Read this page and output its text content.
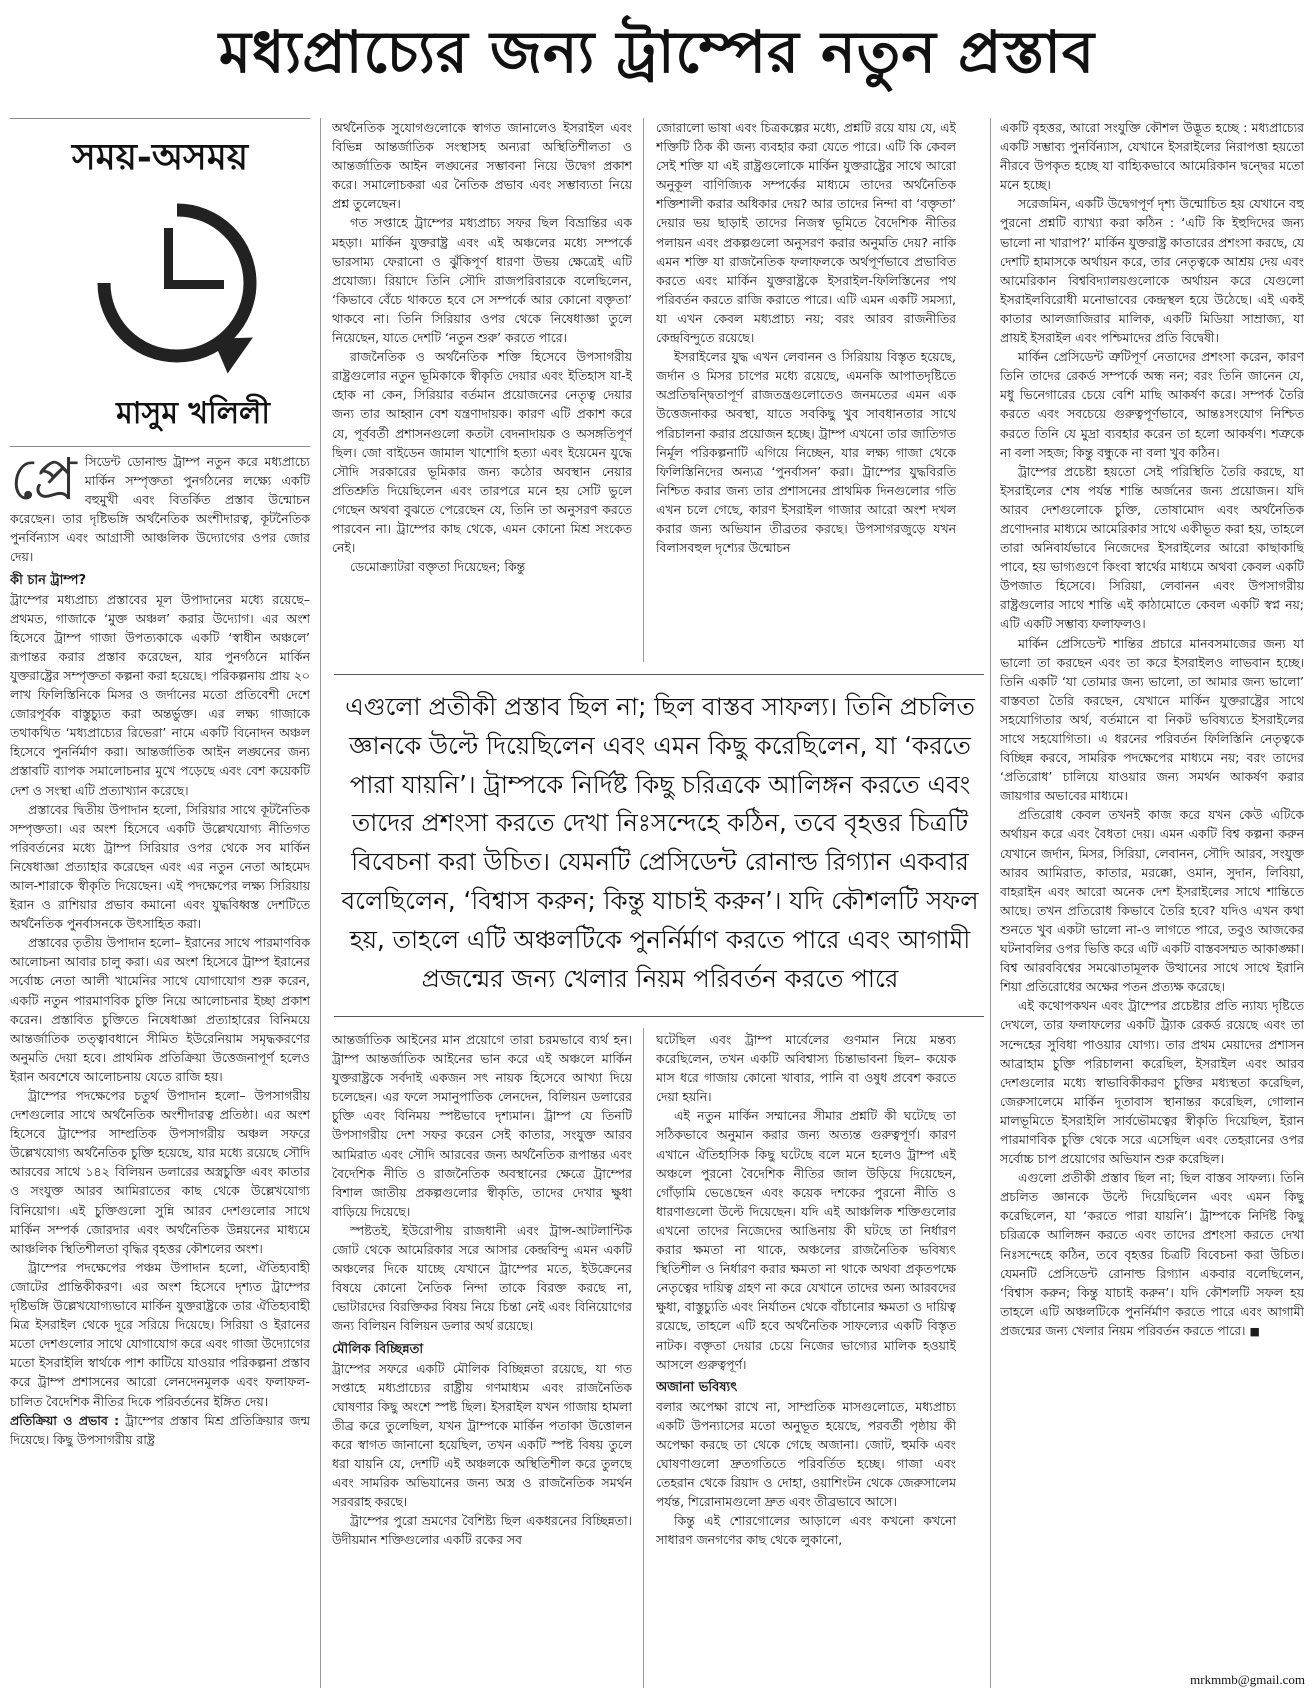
মধ্যপ্রাচ্যের জন্য ট্রাম্পের নতুন প্রস্তাব
সময়-অসময়
মাসুম খলিলী

প্রে সিডেন্ট ডোনাল্ড ট্রাম্প নতুন করে মধ্যপ্রাচ্যে মার্কিন সম্পৃক্ততা পুনর্গঠনের লক্ষ্যে একটি বহুমুখী এবং বিতর্কিত প্রস্তাব উন্মোচন করেছেন। তার দৃষ্টিভঙ্গি অর্থনৈতিক অংশীদারত্ব, কূটনৈতিক পুনর্বিন্যাস এবং আগ্রাসী আঞ্চলিক উদ্যোগের ওপর জোর দেয়।

কী চান ট্রাম্প?

ট্রাম্পের মধ্যপ্রাচ্য প্রস্তাবের মূল উপাদানের মধ্যে রয়েছে– প্রথমত, গাজাকে ‘মুক্ত অঞ্চল’ করার উদ্যোগ। এর অংশ হিসেবে ট্রাম্প গাজা উপত্যকাকে একটি ‘স্বাধীন অঞ্চলে’ রূপান্তর করার প্রস্তাব করেছেন, যার পুনর্গঠনে মার্কিন যুক্তরাষ্ট্রের সম্পৃক্ততা কল্পনা করা হয়েছে। পরিকল্পনায় প্রায় ২০ লাখ ফিলিস্তিনিকে মিসর ও জর্দানের মতো প্রতিবেশী দেশে জোরপূর্বক বাস্তুচ্যুত করা অন্তর্ভুক্ত। এর লক্ষ্য গাজাকে তথাকথিত ‘মধ্যপ্রাচ্যের রিভেরা’ নামে একটি বিনোদন অঞ্চল হিসেবে পুনর্নির্মাণ করা। আন্তর্জাতিক আইন লঙ্ঘনের জন্য প্রস্তাবটি ব্যাপক সমালোচনার মুখে পড়েছে এবং বেশ কয়েকটি দেশ ও সংস্থা এটি প্রত্যাখ্যান করেছে।

প্রস্তাবের দ্বিতীয় উপাদান হলো, সিরিয়ার সাথে কূটনৈতিক সম্পৃক্ততা। এর অংশ হিসেবে একটি উল্লেখযোগ্য নীতিগত পরিবর্তনের মধ্যে ট্রাম্প সিরিয়ার ওপর থেকে সব মার্কিন নিষেধাজ্ঞা প্রত্যাহার করেছেন এবং এর নতুন নেতা আহমেদ আল-শারাকে স্বীকৃতি দিয়েছেন। এই পদক্ষেপের লক্ষ্য সিরিয়ায় ইরান ও রাশিয়ার প্রভাব কমানো এবং যুদ্ধবিধ্বস্ত দেশটিতে অর্থনৈতিক পুনর্বাসনকে উৎসাহিত করা।

প্রস্তাবের তৃতীয় উপাদান হলো– ইরানের সাথে পারমাণবিক আলোচনা আবার চালু করা। এর অংশ হিসেবে ট্রাম্প ইরানের সর্বোচ্চ নেতা আলী খামেনির সাথে যোগাযোগ শুরু করেন, একটি নতুন পারমাণবিক চুক্তি নিয়ে আলোচনার ইচ্ছা প্রকাশ করেন। প্রস্তাবিত চুক্তিতে নিষেধাজ্ঞা প্রত্যাহারের বিনিময়ে আন্তর্জাতিক তত্ত্বাবধানে সীমিত ইউরেনিয়াম সমৃদ্ধকরণের অনুমতি দেয়া হবে। প্রাথমিক প্রতিক্রিয়া উত্তেজনাপূর্ণ হলেও ইরান অবশেষে আলোচনায় যেতে রাজি হয়।

ট্রাম্পের পদক্ষেপের চতুর্থ উপাদান হলো– উপসাগরীয় দেশগুলোর সাথে অর্থনৈতিক অংশীদারত্ব প্রতিষ্ঠা। এর অংশ হিসেবে ট্রাম্পের সাম্প্রতিক উপসাগরীয় অঞ্চল সফরে উল্লেখযোগ্য অর্থনৈতিক চুক্তি হয়েছে, যার মধ্যে রয়েছে সৌদি আরবের সাথে ১৪২ বিলিয়ন ডলারের অস্ত্রচুক্তি এবং কাতার ও সংযুক্ত আরব আমিরাতের কাছ থেকে উল্লেখযোগ্য বিনিয়োগ। এই চুক্তিগুলো সুন্নি আরব দেশগুলোর সাথে মার্কিন সম্পর্ক জোরদার এবং অর্থনৈতিক উন্নয়নের মাধ্যমে আঞ্চলিক স্থিতিশীলতা বৃদ্ধির বৃহত্তর কৌশলের অংশ।

ট্রাম্পের পদক্ষেপের পঞ্চম উপাদান হলো, ঐতিহ্যবাহী জোটের প্রান্তিকীকরণ। এর অংশ হিসেবে দৃশ্যত ট্রাম্পের দৃষ্টিভঙ্গি উল্লেখযোগ্যভাবে মার্কিন যুক্তরাষ্ট্রকে তার ঐতিহ্যবাহী মিত্র ইসরাইল থেকে দূরে সরিয়ে দিয়েছে। সিরিয়া ও ইরানের মতো দেশগুলোর সাথে যোগাযোগ করে এবং গাজা উদ্যোগের মতো ইসরাইলি স্বার্থকে পাশ কাটিয়ে যাওয়ার পরিকল্পনা প্রস্তাব করে ট্রাম্প প্রশাসনের আরো লেনদেনমূলক এবং ফলাফল-চালিত বৈদেশিক নীতির দিকে পরিবর্তনের ইঙ্গিত দেয়।

প্রতিক্রিয়া ও প্রভাব : ট্রাম্পের প্রস্তাব মিশ্র প্রতিক্রিয়ার জন্ম দিয়েছে। কিছু উপসাগরীয় রাষ্ট্র

অর্থনৈতিক সুযোগগুলোকে স্বাগত জানালেও ইসরাইল এবং বিভিন্ন আন্তর্জাতিক সংস্থাসহ অন্যরা অস্থিতিশীলতা ও আন্তর্জাতিক আইন লঙ্ঘনের সম্ভাবনা নিয়ে উদ্বেগ প্রকাশ করে। সমালোচকরা এর নৈতিক প্রভাব এবং সম্ভাব্যতা নিয়ে প্রশ্ন তুলেছেন।

গত সপ্তাহে ট্রাম্পের মধ্যপ্রাচ্য সফর ছিল বিভ্রান্তির এক মহড়া। মার্কিন যুক্তরাষ্ট্র এবং এই অঞ্চলের মধ্যে সম্পর্কে ভারসাম্য ফেরানো ও ঝুঁকিপূর্ণ ধারণা উভয় ক্ষেত্রেই এটি প্রযোজ্য। রিয়াদে তিনি সৌদি রাজপরিবারকে বলেছিলেন, ‘কিভাবে বেঁচে থাকতে হবে সে সম্পর্কে আর কোনো বক্তৃতা’ থাকবে না। তিনি সিরিয়ার ওপর থেকে নিষেধাজ্ঞা তুলে নিয়েছেন, যাতে দেশটি ‘নতুন শুরু’ করতে পারে।

রাজনৈতিক ও অর্থনৈতিক শক্তি হিসেবে উপসাগরীয় রাষ্ট্রগুলোর নতুন ভূমিকাকে স্বীকৃতি দেয়ার এবং ইতিহাস যা-ই হোক না কেন, সিরিয়ার বর্তমান প্রয়োজনের নেতৃত্ব দেয়ার জন্য তার আহ্বান বেশ যন্ত্রণাদায়ক। কারণ এটি প্রকাশ করে যে, পূর্ববর্তী প্রশাসনগুলো কতটা বেদনাদায়ক ও অসঙ্গতিপূর্ণ ছিল। জো বাইডেন জামাল খাশোগি হত্যা এবং ইয়েমেন যুদ্ধে সৌদি সরকারের ভূমিকার জন্য কঠোর অবস্থান নেয়ার প্রতিশ্রুতি দিয়েছিলেন এবং তারপরে মনে হয় সেটি ভুলে গেছেন অথবা বুঝতে পেরেছেন যে, তিনি তা অনুসরণ করতে পারবেন না। ট্রাম্পের কাছ থেকে, এমন কোনো মিশ্র সংকেত নেই।

ডেমোক্র্যাটরা বক্তৃতা দিয়েছেন; কিন্তু

জোরালো ভাষা এবং চিত্রকল্পের মধ্যে, প্রশ্নটি রয়ে যায় যে, এই শক্তিটি ঠিক কী জন্য ব্যবহার করা যেতে পারে। এটি কি কেবল সেই শক্তি যা এই রাষ্ট্রগুলোকে মার্কিন যুক্তরাষ্ট্রের সাথে আরো অনুকূল বাণিজ্যিক সম্পর্কের মাধ্যমে তাদের অর্থনৈতিক শক্তিশালী করার অধিকার দেয়? আর তাদের নিন্দা বা ‘বক্তৃতা’ দেয়ার ভয় ছাড়াই তাদের নিজস্ব ভূমিতে বৈদেশিক নীতির পলায়ন এবং প্রকল্পগুলো অনুসরণ করার অনুমতি দেয়? নাকি এমন শক্তি যা রাজনৈতিক ফলাফলকে অর্থপূর্ণভাবে প্রভাবিত করতে এবং মার্কিন যুক্তরাষ্ট্রকে ইসরাইল-ফিলিস্তিনের পথ পরিবর্তন করতে রাজি করাতে পারে। এটি এমন একটি সমস্যা, যা এখন কেবল মধ্যপ্রাচ্য নয়; বরং আরব রাজনীতির কেন্দ্রবিন্দুতে রয়েছে।

ইসরাইলের যুদ্ধ এখন লেবানন ও সিরিয়ায় বিস্তৃত হয়েছে, জর্দান ও মিসর চাপের মধ্যে রয়েছে, এমনকি আপাতদৃষ্টিতে অপ্রতিদ্বন্দ্বিতাপূর্ণ রাজতন্ত্রগুলোতেও জনমতের এমন এক উত্তেজনাকর অবস্থা, যাতে সবকিছু খুব সাবধানতার সাথে পরিচালনা করার প্রয়োজন হচ্ছে। ট্রাম্প এখনো তার জাতিগত নির্মূল পরিকল্পনাটি এগিয়ে নিচ্ছেন, যার লক্ষ্য গাজা থেকে ফিলিস্তিনিদের অন্যত্র ‘পুনর্বাসন’ করা। ট্রাম্পের যুদ্ধবিরতি নিশ্চিত করার জন্য তার প্রশাসনের প্রাথমিক দিনগুলোর গতি এখন চলে গেছে, কারণ ইসরাইল গাজার আরো অংশ দখল করার জন্য অভিযান তীব্রতর করছে। উপসাগরজুড়ে যখন বিলাসবহুল দৃশ্যের উন্মোচন

এগুলো প্রতীকী প্রস্তাব ছিল না; ছিল বাস্তব সাফল্য। তিনি প্রচলিত জ্ঞানকে উল্টে দিয়েছিলেন এবং এমন কিছু করেছিলেন, যা ‘করতে পারা যায়নি’। ট্রাম্পকে নির্দিষ্ট কিছু চরিত্রকে আলিঙ্গন করতে এবং তাদের প্রশংসা করতে দেখা নিঃসন্দেহে কঠিন, তবে বৃহত্তর চিত্রটি বিবেচনা করা উচিত। যেমনটি প্রেসিডেন্ট রোনাল্ড রিগ্যান একবার বলেছিলেন, ‘বিশ্বাস করুন; কিন্তু যাচাই করুন’। যদি কৌশলটি সফল হয়, তাহলে এটি অঞ্চলটিকে পুনর্নির্মাণ করতে পারে এবং আগামী প্রজন্মের জন্য খেলার নিয়ম পরিবর্তন করতে পারে

আন্তর্জাতিক আইনের মান প্রয়োগে তারা চরমভাবে ব্যর্থ হন। ট্রাম্প আন্তর্জাতিক আইনের ভান করে এই অঞ্চলে মার্কিন যুক্তরাষ্ট্রকে সর্বদাই একজন সৎ নায়ক হিসেবে আখ্যা দিয়ে চলেছেন। এর ফলে সমানুপাতিক লেনদেন, বিলিয়ন ডলারের চুক্তি এবং বিনিময় স্পষ্টভাবে দৃশ্যমান। ট্রাম্প যে তিনটি উপসাগরীয় দেশ সফর করেন সেই কাতার, সংযুক্ত আরব আমিরাত এবং সৌদি আরবের জন্য অর্থনৈতিক রূপান্তর এবং বৈদেশিক নীতি ও রাজনৈতিক অবস্থানের ক্ষেত্রে ট্রাম্পের বিশাল জাতীয় প্রকল্পগুলোর স্বীকৃতি, তাদের দেখার ক্ষুধা বাড়িয়ে দিয়েছে।

স্পষ্টতই, ইউরোপীয় রাজধানী এবং ট্রান্স-আটলান্টিক জোট থেকে আমেরিকার সরে আসার কেন্দ্রবিন্দু এমন একটি অঞ্চলের দিকে যাচ্ছে যেখানে ট্রাম্পের মতে, ইউক্রেনের বিষয়ে কোনো নৈতিক নিন্দা তাকে বিরক্ত করছে না, ভোটারদের বিরক্তিকর বিষয় নিয়ে চিন্তা নেই এবং বিনিয়োগের জন্য বিলিয়ন বিলিয়ন ডলার অর্থ রয়েছে।

মৌলিক বিচ্ছিন্নতা

ট্রাম্পের সফরে একটি মৌলিক বিচ্ছিন্নতা রয়েছে, যা গত সপ্তাহে মধ্যপ্রাচ্যের রাষ্ট্রীয় গণমাধ্যম এবং রাজনৈতিক ঘোষণার কিছু অংশে স্পষ্ট ছিল। ইসরাইল যখন গাজায় হামলা তীব্র করে তুলেছিল, যখন ট্রাম্পকে মার্কিন পতাকা উত্তোলন করে স্বাগত জানানো হয়েছিল, তখন একটি স্পষ্ট বিষয় তুলে ধরা যায়নি যে, দেশটি এই অঞ্চলকে অস্থিতিশীল করে তুলছে এবং সামরিক অভিযানের জন্য অস্ত্র ও রাজনৈতিক সমর্থন সরবরাহ করছে।

ট্রাম্পের পুরো ভ্রমণের বৈশিষ্ট্য ছিল একধরনের বিচ্ছিন্নতা। উদীয়মান শক্তিগুলোর একটি রকের সব

ঘটেছিল এবং ট্রাম্প মার্বেলের গুণমান নিয়ে মন্তব্য করেছিলেন, তখন একটি অবিশ্বাস্য চিন্তাভাবনা ছিল– কয়েক মাস ধরে গাজায় কোনো খাবার, পানি বা ওষুধ প্রবেশ করতে দেয়া হয়নি।

এই নতুন মার্কিন সম্মানের সীমার প্রশ্নটি কী ঘটেছে তা সঠিকভাবে অনুমান করার জন্য অত্যন্ত গুরুত্বপূর্ণ। কারণ এখানে ঐতিহাসিক কিছু ঘটেছে বলে মনে হলেও ট্রাম্প এই অঞ্চলে পুরনো বৈদেশিক নীতির জাল উড়িয়ে দিয়েছেন, গোঁড়ামি ভেঙেছেন এবং কয়েক দশকের পুরনো নীতি ও ধারণাগুলো উল্টে দিয়েছেন। যদি এই আঞ্চলিক শক্তিগুলোর এখনো তাদের নিজেদের আঙিনায় কী ঘটছে তা নির্ধারণ করার ক্ষমতা না থাকে, অঞ্চলের রাজনৈতিক ভবিষ্যৎ স্থিতিশীল ও নির্ধারণ করার ক্ষমতা না থাকে অথবা প্রকৃতপক্ষে নেতৃত্বের দায়িত্ব গ্রহণ না করে যেখানে তাদের অন্য আরবদের ক্ষুধা, বাস্তুচ্যুতি এবং নির্যাতন থেকে বাঁচানোর ক্ষমতা ও দায়িত্ব রয়েছে, তাহলে এটি হবে অর্থনৈতিক সাফল্যের একটি বিস্তৃত নাটক। বক্তৃতা দেয়ার চেয়ে নিজের ভাগ্যের মালিক হওয়াই আসলে গুরুত্বপূর্ণ।

অজানা ভবিষ্যৎ

বলার অপেক্ষা রাখে না, সাম্প্রতিক মাসগুলোতে, মধ্যপ্রাচ্য একটি উপন্যাসের মতো অনুভূত হয়েছে, পরবর্তী পৃষ্ঠায় কী অপেক্ষা করছে তা থেকে গেছে অজানা। জোট, হুমকি এবং ঘোষণাগুলো দ্রুতগতিতে পরিবর্তিত হচ্ছে। গাজা এবং তেহরান থেকে রিয়াদ ও দোহা, ওয়াশিংটন থেকে জেরুসালেম পর্যন্ত, শিরোনামগুলো দ্রুত এবং তীব্রভাবে আসে।

কিন্তু এই শোরগোলের আড়ালে এবং কখনো কখনো সাধারণ জনগণের কাছ থেকে লুকানো,

একটি বৃহত্তর, আরো সংযুক্তি কৌশল উদ্ভূত হচ্ছে : মধ্যপ্রাচ্যের একটি সম্ভাব্য পুনর্বিন্যাস, যেখানে ইসরাইলের নিরাপত্তা হয়তো নীরবে উপকৃত হচ্ছে যা বাহ্যিকভাবে আমেরিকান দ্বন্দ্বের মতো মনে হচ্ছে।

সরেজমিন, একটি উদ্বেগপূর্ণ দৃশ্য উন্মোচিত হয় যেখানে বহু পুরনো প্রশ্নটি ব্যাখ্যা করা কঠিন : ‘এটি কি ইহুদিদের জন্য ভালো না খারাপ?’ মার্কিন যুক্তরাষ্ট্র কাতারের প্রশংসা করছে, যে দেশটি হামাসকে অর্থায়ন করে, তার নেতৃত্বকে আশ্রয় দেয় এবং আমেরিকান বিশ্ববিদ্যালয়গুলোকে অর্থায়ন করে যেগুলো ইসরাইলবিরোধী মনোভাবের কেন্দ্রস্থল হয়ে উঠেছে। এই একই কাতার আলজাজিরার মালিক, একটি মিডিয়া সাম্রাজ্য, যা প্রায়ই ইসরাইল এবং পশ্চিমাদের প্রতি বিদ্বেষী।

মার্কিন প্রেসিডেন্ট ত্রুটিপূর্ণ নেতাদের প্রশংসা করেন, কারণ তিনি তাদের রেকর্ড সম্পর্কে অন্ধ নন; বরং তিনি জানেন যে, মধু ভিনেগারের চেয়ে বেশি মাছি আকর্ষণ করে। সম্পর্ক তৈরি করতে এবং সবচেয়ে গুরুত্বপূর্ণভাবে, আন্তঃসংযোগ নিশ্চিত করতে তিনি যে মুদ্রা ব্যবহার করেন তা হলো আকর্ষণ। শত্রুকে না বলা সহজ; কিন্তু বন্ধুকে না বলা খুব কঠিন।

ট্রাম্পের প্রচেষ্টা হয়তো সেই পরিস্থিতি তৈরি করছে, যা ইসরাইলের শেষ পর্যন্ত শান্তি অর্জনের জন্য প্রয়োজন। যদি আরব দেশগুলোকে চুক্তি, তোষামোদ এবং অর্থনৈতিক প্রণোদনার মাধ্যমে আমেরিকার সাথে একীভূত করা হয়, তাহলে তারা অনিবার্যভাবে নিজেদের ইসরাইলের আরো কাছাকাছি পাবে, হয় ভাগ্যগুণে কিংবা স্বার্থের মাধ্যমে অথবা কেবল একটি উপজাত হিসেবে। সিরিয়া, লেবানন এবং উপসাগরীয় রাষ্ট্রগুলোর সাথে শান্তি এই কাঠামোতে কেবল একটি স্বপ্ন নয়; এটি একটি সম্ভাব্য ফলাফলও।

মার্কিন প্রেসিডেন্ট শান্তির প্রচারে মানবসমাজের জন্য যা ভালো তা করছেন এবং তা করে ইসরাইলও লাভবান হচ্ছে। তিনি একটি ‘যা তোমার জন্য ভালো, তা আমার জন্য ভালো’ বাস্তবতা তৈরি করছেন, যেখানে মার্কিন যুক্তরাষ্ট্রের সাথে সহযোগিতার অর্থ, বর্তমানে বা নিকট ভবিষ্যতে ইসরাইলের সাথে সহযোগিতা। এ ধরনের পরিবর্তন ফিলিস্তিনি নেতৃত্বকে বিচ্ছিন্ন করবে, সামরিক পদক্ষেপের মাধ্যমে নয়; বরং তাদের ‘প্রতিরোধ’ চালিয়ে যাওয়ার জন্য সমর্থন আকর্ষণ করার জায়গার অভাবের মাধ্যমে।

প্রতিরোধ কেবল তখনই কাজ করে যখন কেউ এটিকে অর্থায়ন করে এবং বৈধতা দেয়। এমন একটি বিশ্ব কল্পনা করুন যেখানে জর্দান, মিসর, সিরিয়া, লেবানন, সৌদি আরব, সংযুক্ত আরব আমিরাত, কাতার, মরক্কো, ওমান, সুদান, লিবিয়া, বাহরাইন এবং আরো অনেক দেশ ইসরাইলের সাথে শান্তিতে আছে। তখন প্রতিরোধ কিভাবে তৈরি হবে? যদিও এখন কথা শুনতে খুব একটা ভালো না-ও লাগতে পারে, তবুও আজকের ঘটনাবলির ওপর ভিত্তি করে এটি একটি বাস্তবসম্মত আকাঙ্ক্ষা। বিশ্ব আরববিশ্বের সমঝোতামূলক উত্থানের সাথে সাথে ইরানি শিয়া প্রতিরোধের অক্ষের পতন প্রত্যক্ষ করেছে।

এই কথোপকথন এবং ট্রাম্পের প্রচেষ্টার প্রতি ন্যায্য দৃষ্টিতে দেখলে, তার ফলাফলের একটি ট্র্যাক রেকর্ড রয়েছে এবং তা সন্দেহের সুবিধা পাওয়ার যোগ্য। তার প্রথম মেয়াদের প্রশাসন আব্রাহাম চুক্তি পরিচালনা করেছিল, ইসরাইল এবং আরব দেশগুলোর মধ্যে স্বাভাবিকীকরণ চুক্তির মধ্যস্থতা করেছিল, জেরুসালেমে মার্কিন দূতাবাস স্থানান্তর করেছিল, গোলান মালভূমিতে ইসরাইলি সার্বভৌমত্বের স্বীকৃতি দিয়েছিল, ইরান পারমাণবিক চুক্তি থেকে সরে এসেছিল এবং তেহরানের ওপর সর্বোচ্চ চাপ প্রয়োগের অভিযান শুরু করেছিল।

এগুলো প্রতীকী প্রস্তাব ছিল না; ছিল বাস্তব সাফল্য। তিনি প্রচলিত জ্ঞানকে উল্টে দিয়েছিলেন এবং এমন কিছু করেছিলেন, যা ‘করতে পারা যায়নি’। ট্রাম্পকে নির্দিষ্ট কিছু চরিত্রকে আলিঙ্গন করতে এবং তাদের প্রশংসা করতে দেখা নিঃসন্দেহে কঠিন, তবে বৃহত্তর চিত্রটি বিবেচনা করা উচিত। যেমনটি প্রেসিডেন্ট রোনাল্ড রিগ্যান একবার বলেছিলেন, ‘বিশ্বাস করুন; কিন্তু যাচাই করুন’। যদি কৌশলটি সফল হয় তাহলে এটি অঞ্চলটিকে পুনর্নির্মাণ করতে পারে এবং আগামী প্রজন্মের জন্য খেলার নিয়ম পরিবর্তন করতে পারে। ■

mrkmmb@gmail.com
